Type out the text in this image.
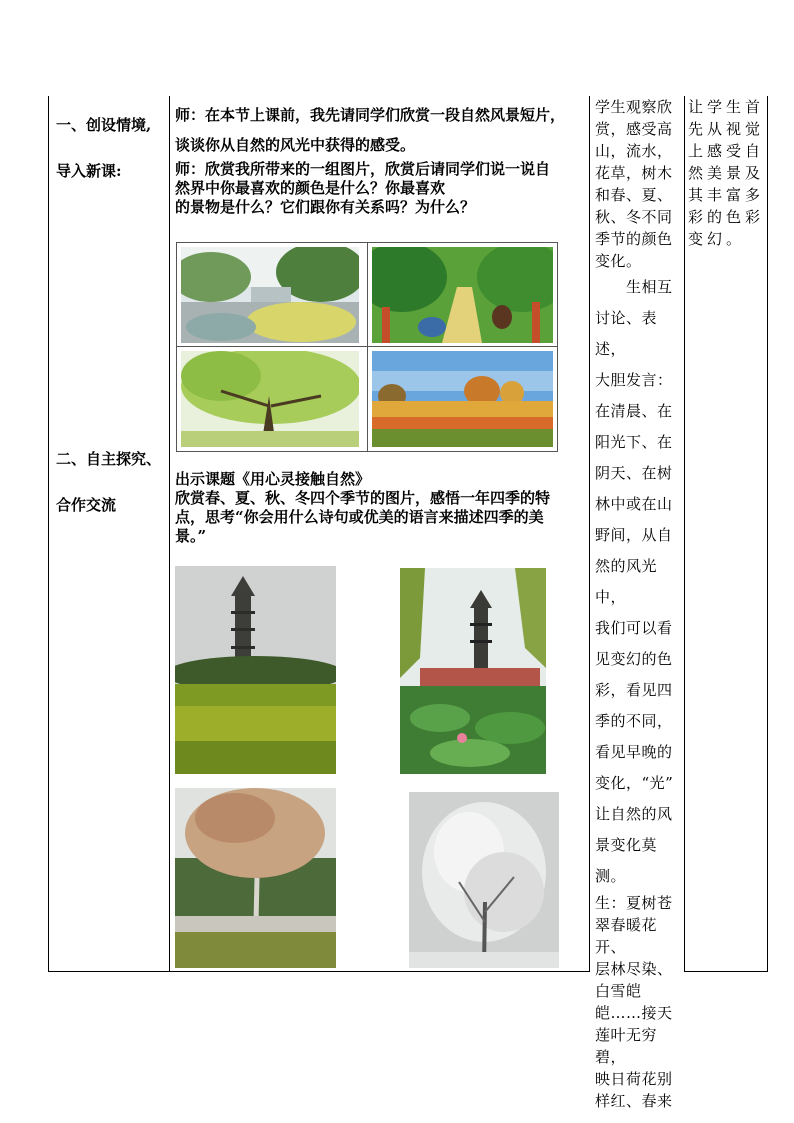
一、创设情境,
导入新课:
二、自主探究、
合作交流
师：在本节上课前，我先请同学们欣赏一段自然风景短片，
谈谈你从自然的风光中获得的感受。
师：欣赏我所带来的一组图片，欣赏后请同学们说一说自
然界中你最喜欢的颜色是什么？你最喜欢
的景物是什么？它们跟你有关系吗？为什么？
出示课题《用心灵接触自然》
欣赏春、夏、秋、冬四个季节的图片，感悟一年四季的特
点，思考“你会用什么诗句或优美的语言来描述四季的美
景。”
学生观察欣
赏，感受高
山，流水，
花草，树木
和春、夏、
秋、冬不同
季节的颜色
变化。
　　生相互
讨论、表述，
大胆发言：
在清晨、在
阳光下、在
阴天、在树
林中或在山
野间，从自
然的风光中，
我们可以看
见变幻的色
彩，看见四
季的不同，
看见早晚的
变化，“光”
让自然的风
景变化莫测。
生：夏树苍
翠春暖花开、
层林尽染、
白雪皑
皑……接天
莲叶无穷碧，
映日荷花别
样红、春来
让学生首
先从视觉
上感受自
然美景及
其丰富多
彩的色彩
变幻。
